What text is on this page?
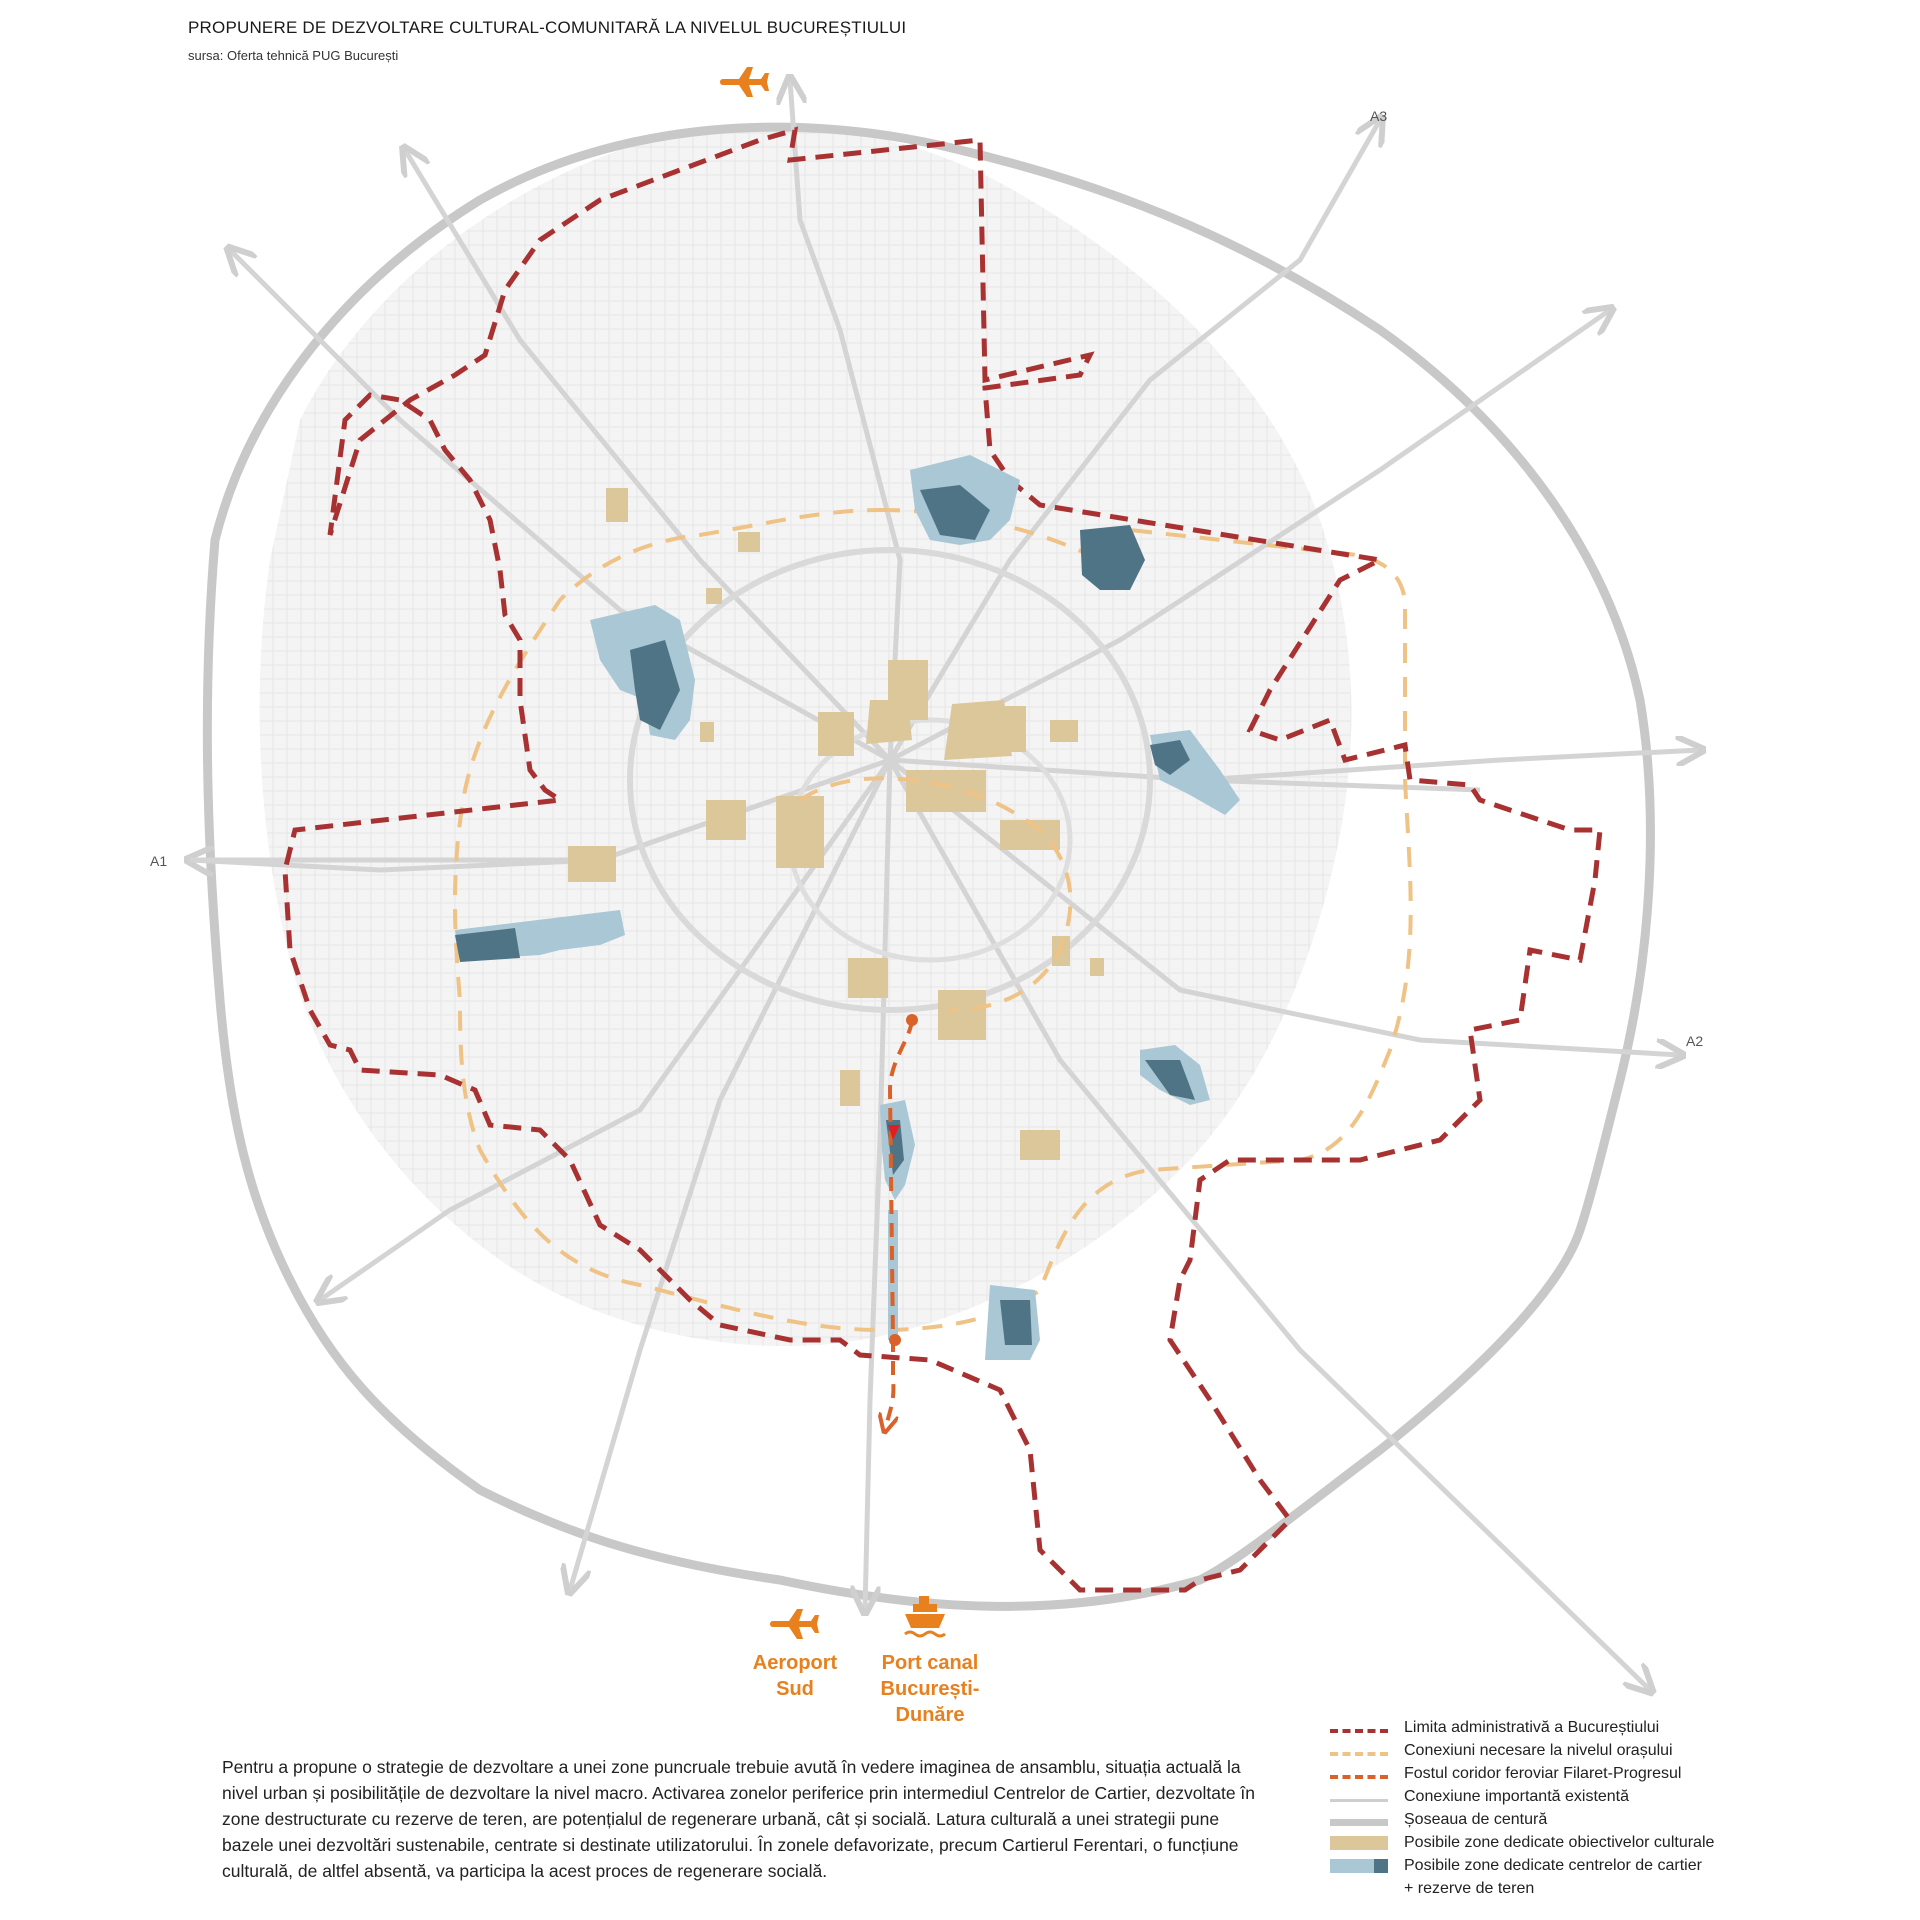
PROPUNERE DE DEZVOLTARE CULTURAL-COMUNITARĂ LA NIVELUL BUCUREȘTIULUI
sursa: Oferta tehnică PUG București
A1
A2
A3
Aeroport Sud
Port canal
București-Dunăre
Pentru a propune o strategie de dezvoltare a unei zone puncruale trebuie avută în vedere imaginea de ansamblu, situația actuală la nivel urban și posibilitățile de dezvoltare la nivel macro. Activarea zonelor periferice prin intermediul Centrelor de Cartier, dezvoltate în zone destructurate cu rezerve de teren, are potențialul de regenerare urbană, cât și socială. Latura culturală a unei strategii pune bazele unei dezvoltări sustenabile, centrate si destinate utilizatorului. În zonele defavorizate, precum Cartierul Ferentari, o funcțiune culturală, de altfel absentă, va participa la acest proces de regenerare socială.
Limita administrativă a Bucureștiului
Conexiuni necesare la nivelul orașului
Fostul coridor feroviar Filaret-Progresul
Conexiune importantă existentă
Șoseaua de centură
Posibile zone dedicate obiectivelor culturale
Posibile zone dedicate centrelor de cartier
+ rezerve de teren
